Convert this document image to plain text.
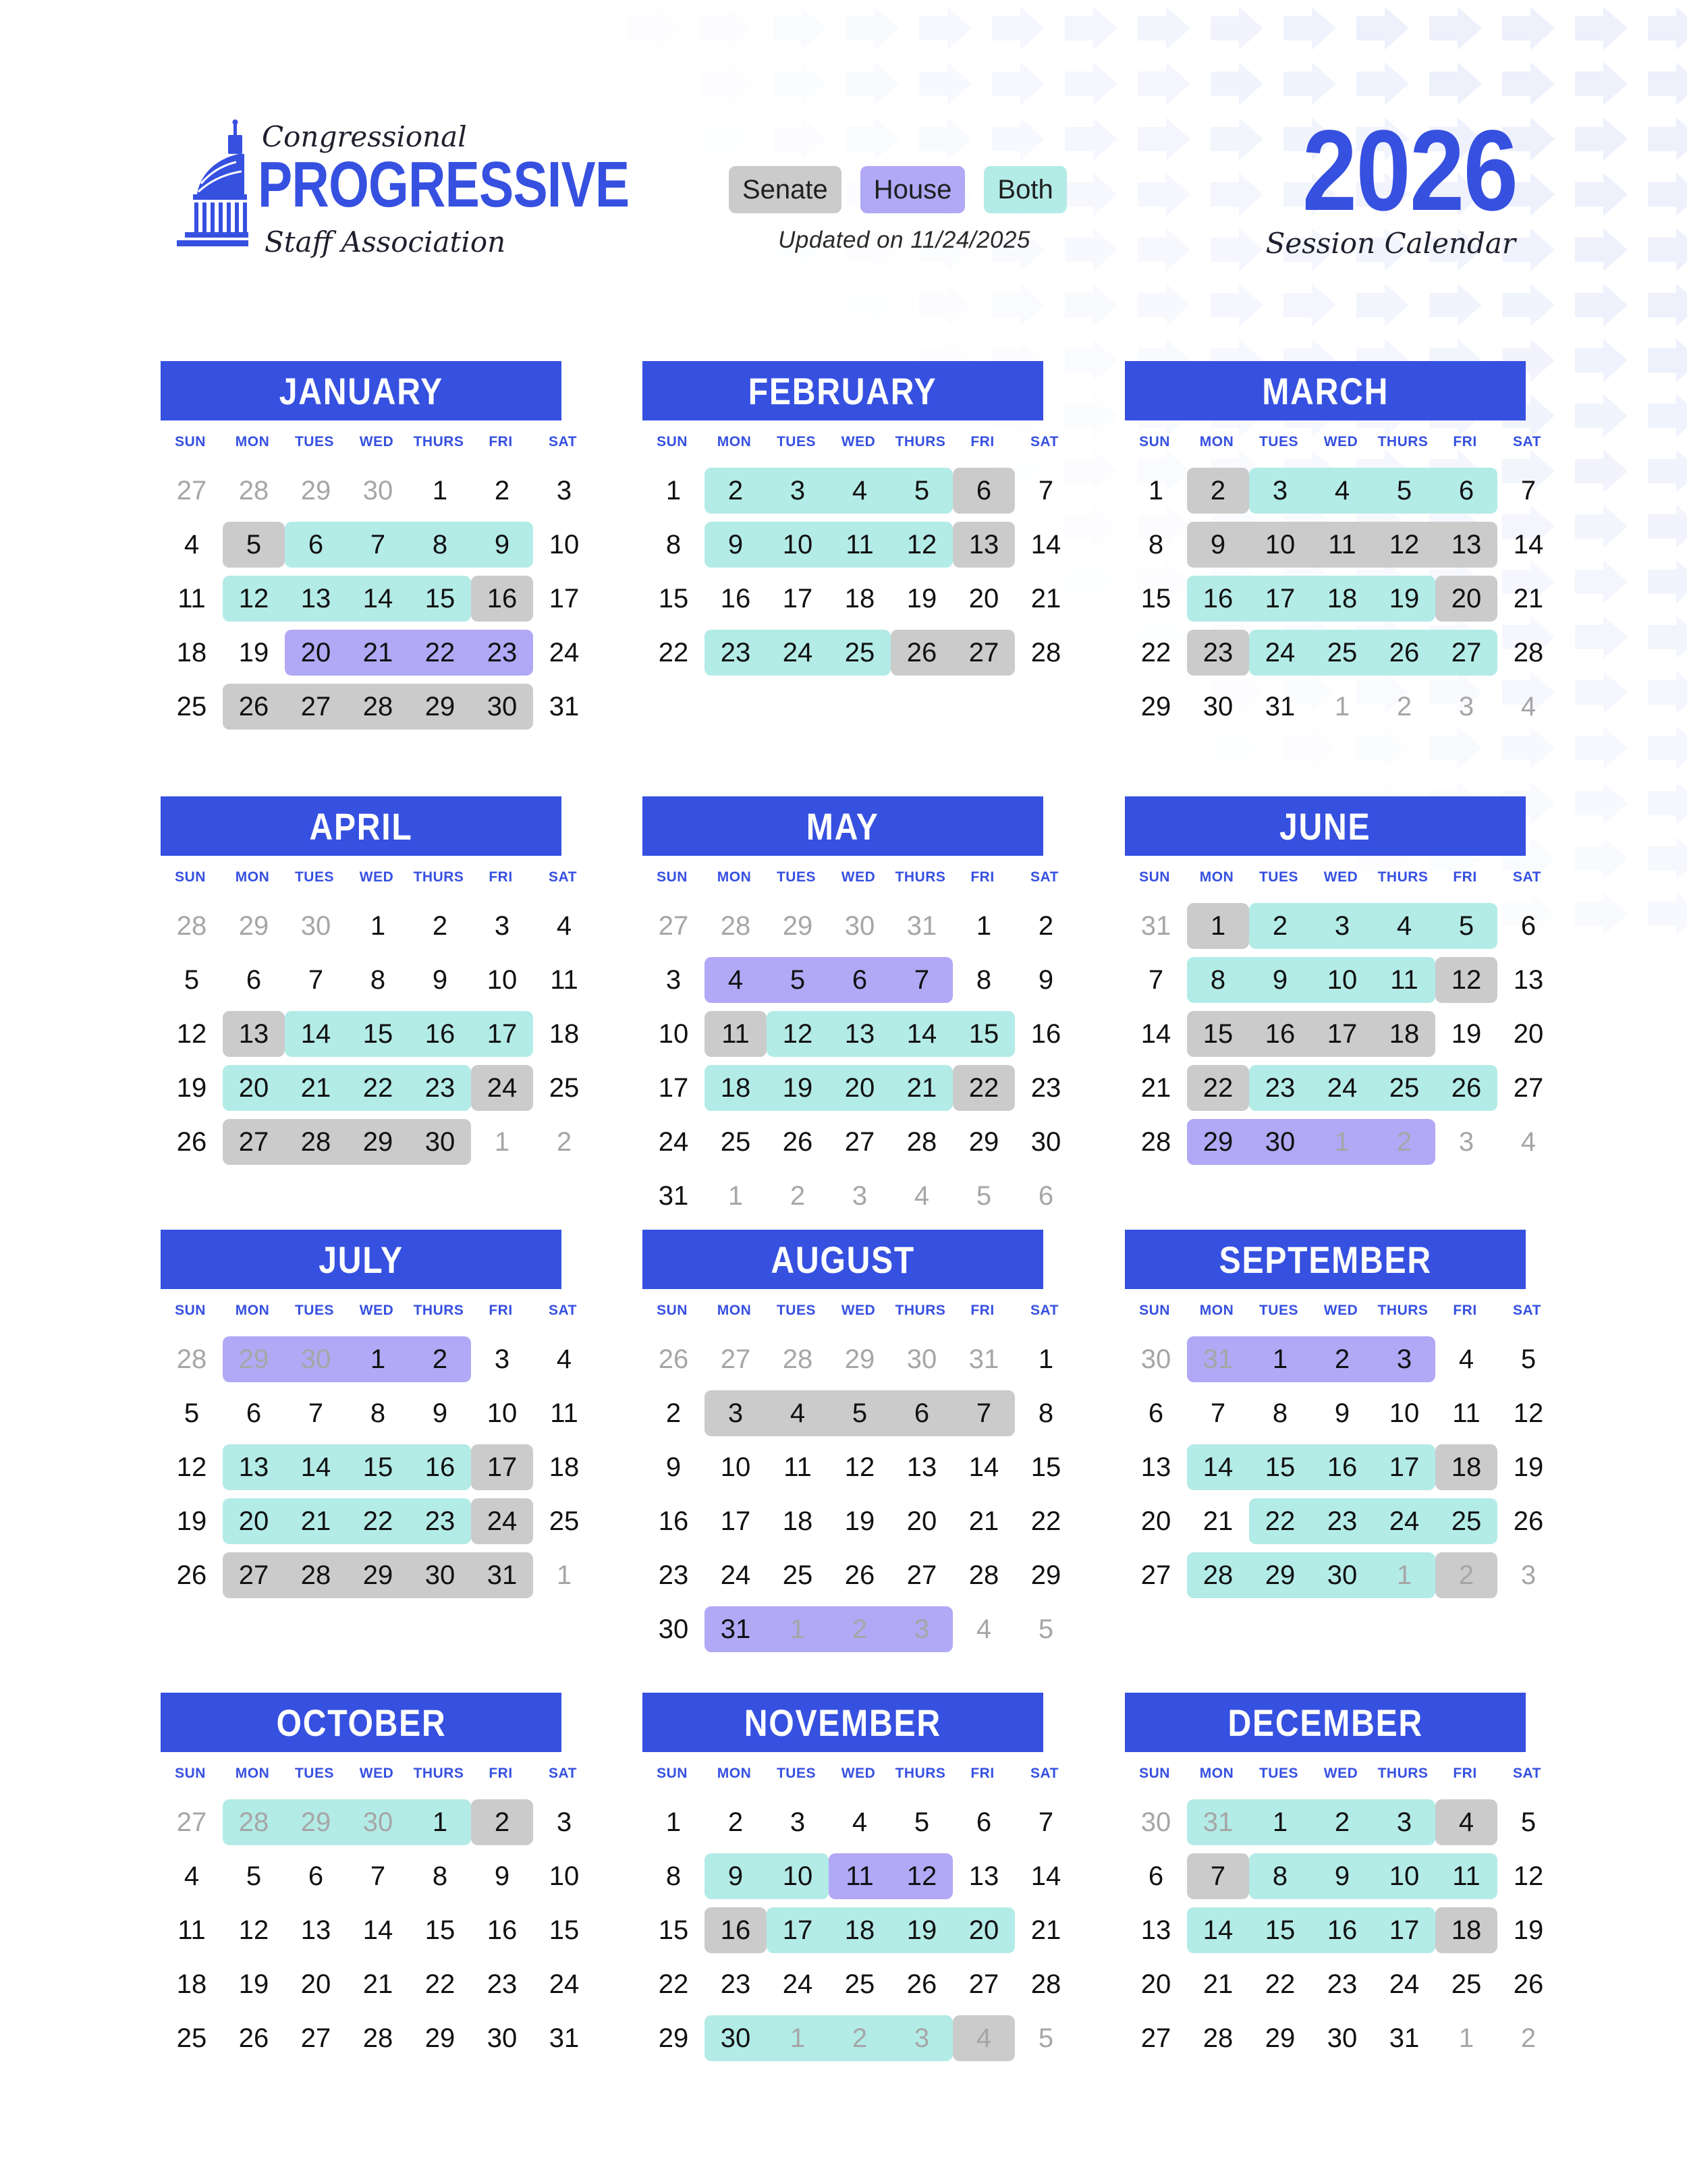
Congressional
PROGRESSIVE
Staff Association
Senate	House	Both
Updated on 11/24/2025
2026
Session Calendar
JANUARY
SUN	MON	TUES	WED	THURS	FRI	SAT
27	28	29	30	1	2	3
4	5	6	7	8	9	10
11	12	13	14	15	16	17
18	19	20	21	22	23	24
25	26	27	28	29	30	31
FEBRUARY
SUN	MON	TUES	WED	THURS	FRI	SAT
1	2	3	4	5	6	7
8	9	10	11	12	13	14
15	16	17	18	19	20	21
22	23	24	25	26	27	28
MARCH
SUN	MON	TUES	WED	THURS	FRI	SAT
1	2	3	4	5	6	7
8	9	10	11	12	13	14
15	16	17	18	19	20	21
22	23	24	25	26	27	28
29	30	31	1	2	3	4
APRIL
SUN	MON	TUES	WED	THURS	FRI	SAT
28	29	30	1	2	3	4
5	6	7	8	9	10	11
12	13	14	15	16	17	18
19	20	21	22	23	24	25
26	27	28	29	30	1	2
MAY
SUN	MON	TUES	WED	THURS	FRI	SAT
27	28	29	30	31	1	2
3	4	5	6	7	8	9
10	11	12	13	14	15	16
17	18	19	20	21	22	23
24	25	26	27	28	29	30
31	1	2	3	4	5	6
JUNE
SUN	MON	TUES	WED	THURS	FRI	SAT
31	1	2	3	4	5	6
7	8	9	10	11	12	13
14	15	16	17	18	19	20
21	22	23	24	25	26	27
28	29	30	1	2	3	4
JULY
SUN	MON	TUES	WED	THURS	FRI	SAT
28	29	30	1	2	3	4
5	6	7	8	9	10	11
12	13	14	15	16	17	18
19	20	21	22	23	24	25
26	27	28	29	30	31	1
AUGUST
SUN	MON	TUES	WED	THURS	FRI	SAT
26	27	28	29	30	31	1
2	3	4	5	6	7	8
9	10	11	12	13	14	15
16	17	18	19	20	21	22
23	24	25	26	27	28	29
30	31	1	2	3	4	5
SEPTEMBER
SUN	MON	TUES	WED	THURS	FRI	SAT
30	31	1	2	3	4	5
6	7	8	9	10	11	12
13	14	15	16	17	18	19
20	21	22	23	24	25	26
27	28	29	30	1	2	3
OCTOBER
SUN	MON	TUES	WED	THURS	FRI	SAT
27	28	29	30	1	2	3
4	5	6	7	8	9	10
11	12	13	14	15	16	15
18	19	20	21	22	23	24
25	26	27	28	29	30	31
NOVEMBER
SUN	MON	TUES	WED	THURS	FRI	SAT
1	2	3	4	5	6	7
8	9	10	11	12	13	14
15	16	17	18	19	20	21
22	23	24	25	26	27	28
29	30	1	2	3	4	5
DECEMBER
SUN	MON	TUES	WED	THURS	FRI	SAT
30	31	1	2	3	4	5
6	7	8	9	10	11	12
13	14	15	16	17	18	19
20	21	22	23	24	25	26
27	28	29	30	31	1	2
